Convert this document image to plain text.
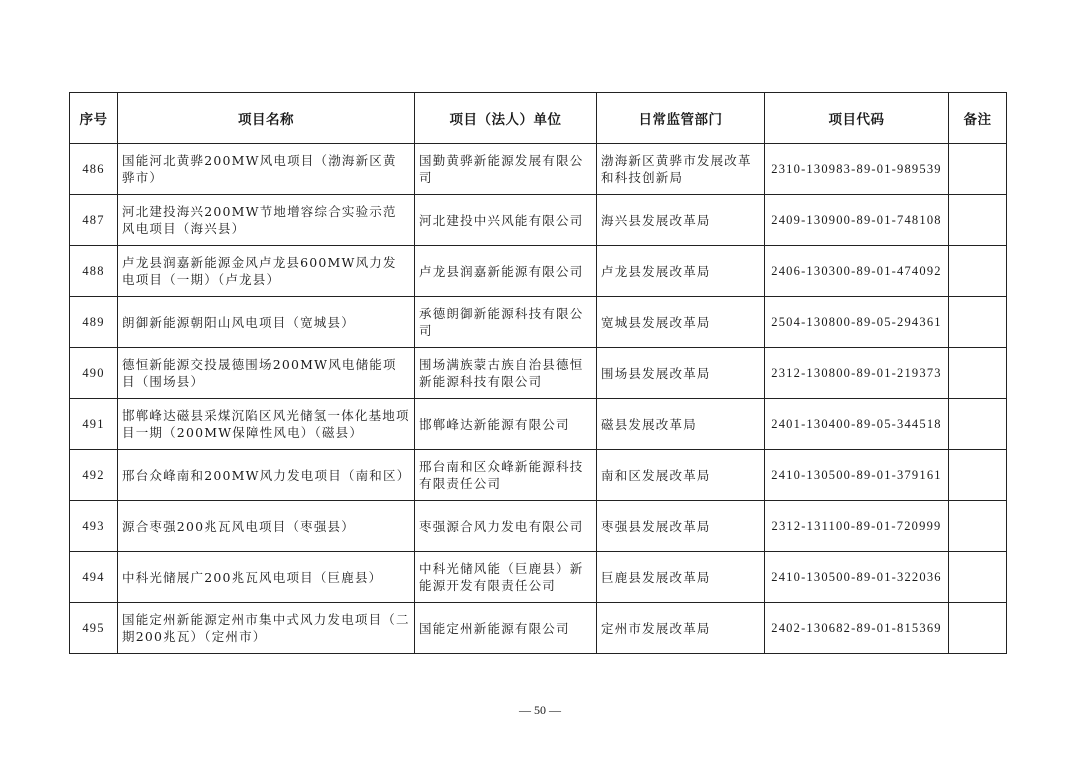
序号	项目名称	项目（法人）单位	日常监管部门	项目代码	备注
486	国能河北黄骅200MW风电项目（渤海新区黄骅市）	国勤黄骅新能源发展有限公司	渤海新区黄骅市发展改革和科技创新局	2310-130983-89-01-989539	
487	河北建投海兴200MW节地增容综合实验示范风电项目（海兴县）	河北建投中兴风能有限公司	海兴县发展改革局	2409-130900-89-01-748108	
488	卢龙县润嘉新能源金风卢龙县600MW风力发电项目（一期）（卢龙县）	卢龙县润嘉新能源有限公司	卢龙县发展改革局	2406-130300-89-01-474092	
489	朗御新能源朝阳山风电项目（宽城县）	承德朗御新能源科技有限公司	宽城县发展改革局	2504-130800-89-05-294361	
490	德恒新能源交投晟德围场200MW风电储能项目（围场县）	围场满族蒙古族自治县德恒新能源科技有限公司	围场县发展改革局	2312-130800-89-01-219373	
491	邯郸峰达磁县采煤沉陷区风光储氢一体化基地项目一期（200MW保障性风电）（磁县）	邯郸峰达新能源有限公司	磁县发展改革局	2401-130400-89-05-344518	
492	邢台众峰南和200MW风力发电项目（南和区）	邢台南和区众峰新能源科技有限责任公司	南和区发展改革局	2410-130500-89-01-379161	
493	源合枣强200兆瓦风电项目（枣强县）	枣强源合风力发电有限公司	枣强县发展改革局	2312-131100-89-01-720999	
494	中科光储展广200兆瓦风电项目（巨鹿县）	中科光储风能（巨鹿县）新能源开发有限责任公司	巨鹿县发展改革局	2410-130500-89-01-322036	
495	国能定州新能源定州市集中式风力发电项目（二期200兆瓦）（定州市）	国能定州新能源有限公司	定州市发展改革局	2402-130682-89-01-815369	
— 50 —
